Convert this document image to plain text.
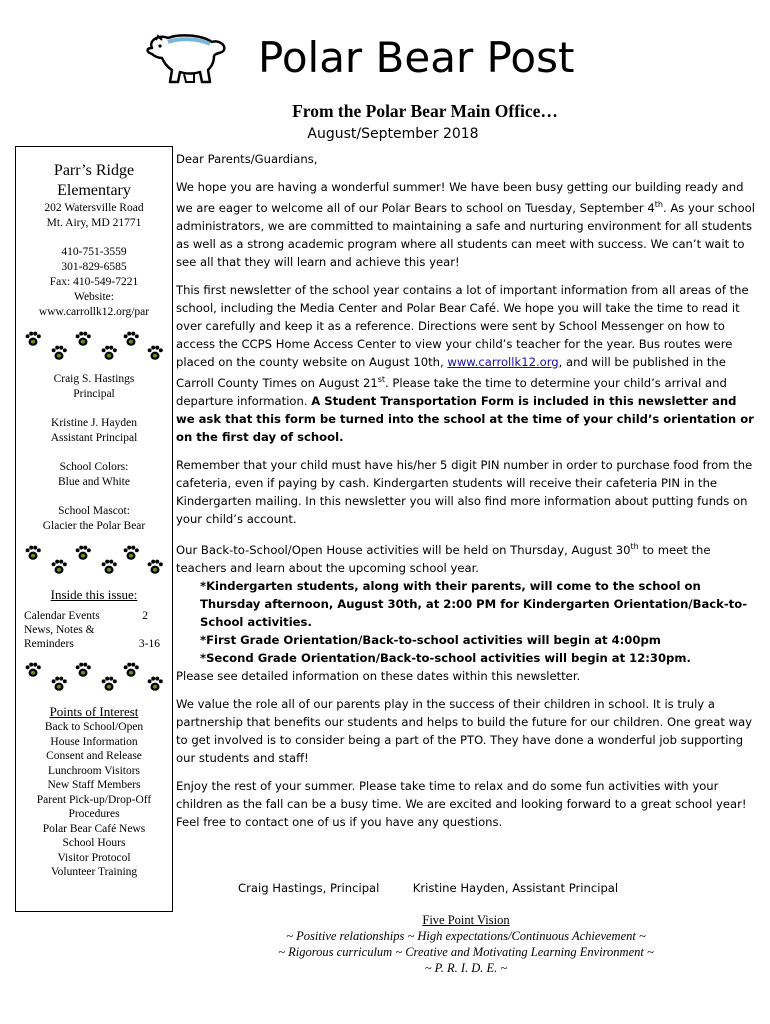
Polar Bear Post
From the Polar Bear Main Office…
August/September 2018
Parr’s Ridge
Elementary
202 Watersville Road
Mt. Airy, MD 21771
410-751-3559
301-829-6585
Fax: 410-549-7221
Website:
www.carrollk12.org/par
Craig S. Hastings
Principal
Kristine J. Hayden
Assistant Principal
School Colors:
Blue and White
School Mascot:
Glacier the Polar Bear
Inside this issue:
Calendar Events	2
News, Notes &
Reminders	3-16
Points of Interest
Back to School/Open
House Information
Consent and Release
Lunchroom Visitors
New Staff Members
Parent Pick-up/Drop-Off
Procedures
Polar Bear Café News
School Hours
Visitor Protocol
Volunteer Training
Dear Parents/Guardians,
We hope you are having a wonderful summer! We have been busy getting our building ready and we are eager to welcome all of our Polar Bears to school on Tuesday, September 4th. As your school administrators, we are committed to maintaining a safe and nurturing environment for all students as well as a strong academic program where all students can meet with success. We can’t wait to see all that they will learn and achieve this year!
This first newsletter of the school year contains a lot of important information from all areas of the school, including the Media Center and Polar Bear Café. We hope you will take the time to read it over carefully and keep it as a reference. Directions were sent by School Messenger on how to access the CCPS Home Access Center to view your child’s teacher for the year. Bus routes were placed on the county website on August 10th, www.carrollk12.org, and will be published in the Carroll County Times on August 21st. Please take the time to determine your child’s arrival and departure information. A Student Transportation Form is included in this newsletter and we ask that this form be turned into the school at the time of your child’s orientation or on the first day of school.
Remember that your child must have his/her 5 digit PIN number in order to purchase food from the cafeteria, even if paying by cash. Kindergarten students will receive their cafeteria PIN in the Kindergarten mailing. In this newsletter you will also find more information about putting funds on your child’s account.
Our Back-to-School/Open House activities will be held on Thursday, August 30th to meet the teachers and learn about the upcoming school year.
*Kindergarten students, along with their parents, will come to the school on Thursday afternoon, August 30th, at 2:00 PM for Kindergarten Orientation/Back-to-School activities.
*First Grade Orientation/Back-to-school activities will begin at 4:00pm
*Second Grade Orientation/Back-to-school activities will begin at 12:30pm.
Please see detailed information on these dates within this newsletter.
We value the role all of our parents play in the success of their children in school. It is truly a partnership that benefits our students and helps to build the future for our children. One great way to get involved is to consider being a part of the PTO. They have done a wonderful job supporting our students and staff!
Enjoy the rest of your summer. Please take time to relax and do some fun activities with your children as the fall can be a busy time. We are excited and looking forward to a great school year! Feel free to contact one of us if you have any questions.
Craig Hastings, Principal	Kristine Hayden, Assistant Principal
Five Point Vision
~ Positive relationships ~ High expectations/Continuous Achievement ~
~ Rigorous curriculum ~ Creative and Motivating Learning Environment ~
~ P. R. I. D. E. ~
